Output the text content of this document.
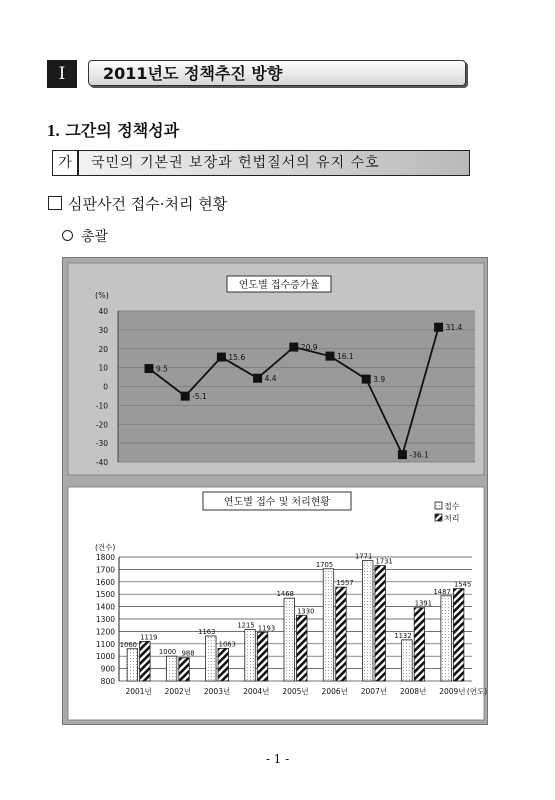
I	2011년도 정책추진 방향
1. 그간의 정책성과
가	국민의 기본권 보장과 헌법질서의 유지 수호
심판사건 접수·처리 현황
총괄
연도별 접수증가율
(%)
40
30
20
10
0
-10
-20
-30
-40
9.5
-5.1
15.6
4.4
20.9
16.1
3.9
-36.1
31.4
연도별 접수 및 처리현황	접수
처리
(건수)
1800
1700
1600
1500
1400
1300
1200
1100
1000
900
800
1060
1119
2001년
1000 988
2002년
1163
1063
2003년
1215 1193
2004년
1468
1330
2005년
1705
1557
2006년
1771
1731
2007년
1132
1391
2008년
1487
1545
2009년 (연도)
- 1 -
